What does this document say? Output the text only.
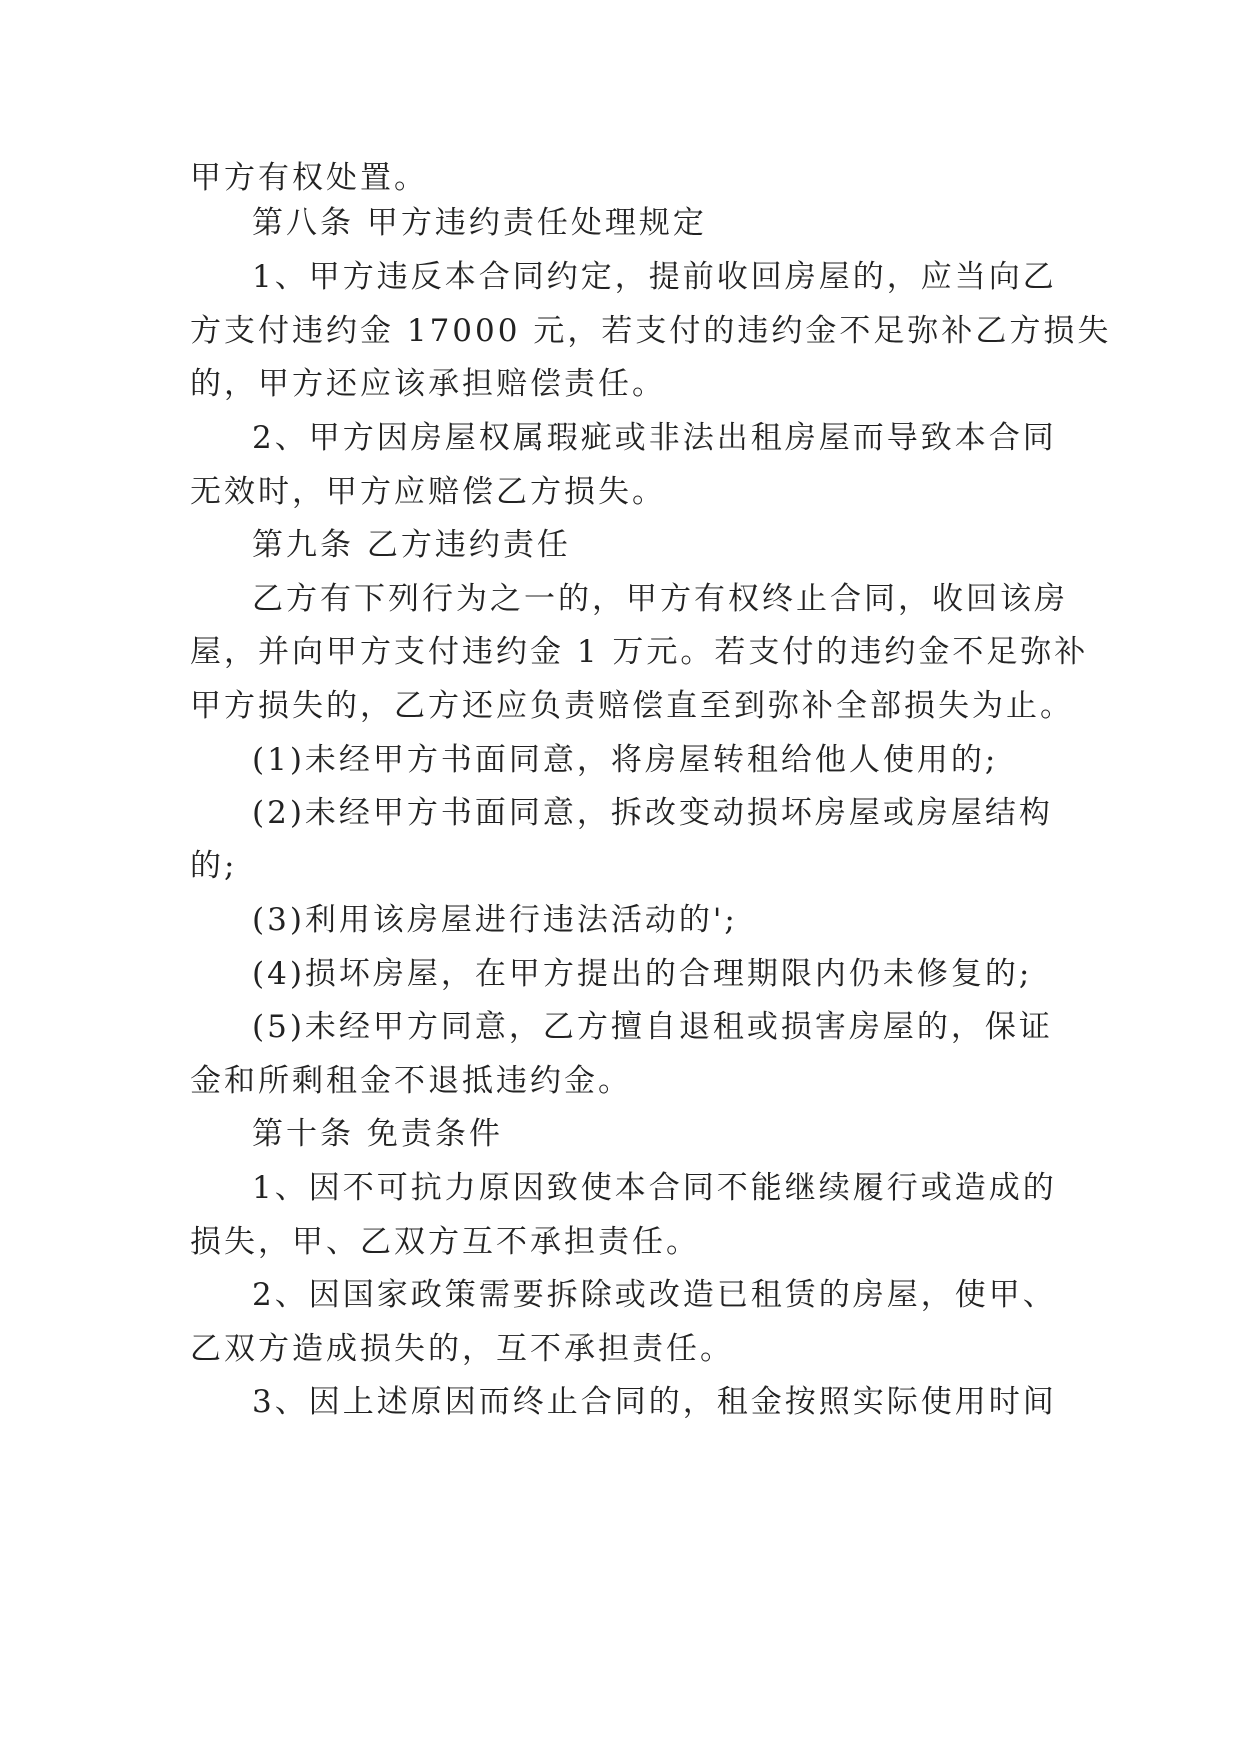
甲方有权处置。
第八条 甲方违约责任处理规定
1、甲方违反本合同约定，提前收回房屋的，应当向乙
方支付违约金 17000 元，若支付的违约金不足弥补乙方损失
的，甲方还应该承担赔偿责任。
2、甲方因房屋权属瑕疵或非法出租房屋而导致本合同
无效时，甲方应赔偿乙方损失。
第九条 乙方违约责任
乙方有下列行为之一的，甲方有权终止合同，收回该房
屋，并向甲方支付违约金 1 万元。若支付的违约金不足弥补
甲方损失的，乙方还应负责赔偿直至到弥补全部损失为止。
(1)未经甲方书面同意，将房屋转租给他人使用的;
(2)未经甲方书面同意，拆改变动损坏房屋或房屋结构
的;
(3)利用该房屋进行违法活动的';
(4)损坏房屋，在甲方提出的合理期限内仍未修复的;
(5)未经甲方同意，乙方擅自退租或损害房屋的，保证
金和所剩租金不退抵违约金。
第十条 免责条件
1、因不可抗力原因致使本合同不能继续履行或造成的
损失，甲、乙双方互不承担责任。
2、因国家政策需要拆除或改造已租赁的房屋，使甲、
乙双方造成损失的，互不承担责任。
3、因上述原因而终止合同的，租金按照实际使用时间
